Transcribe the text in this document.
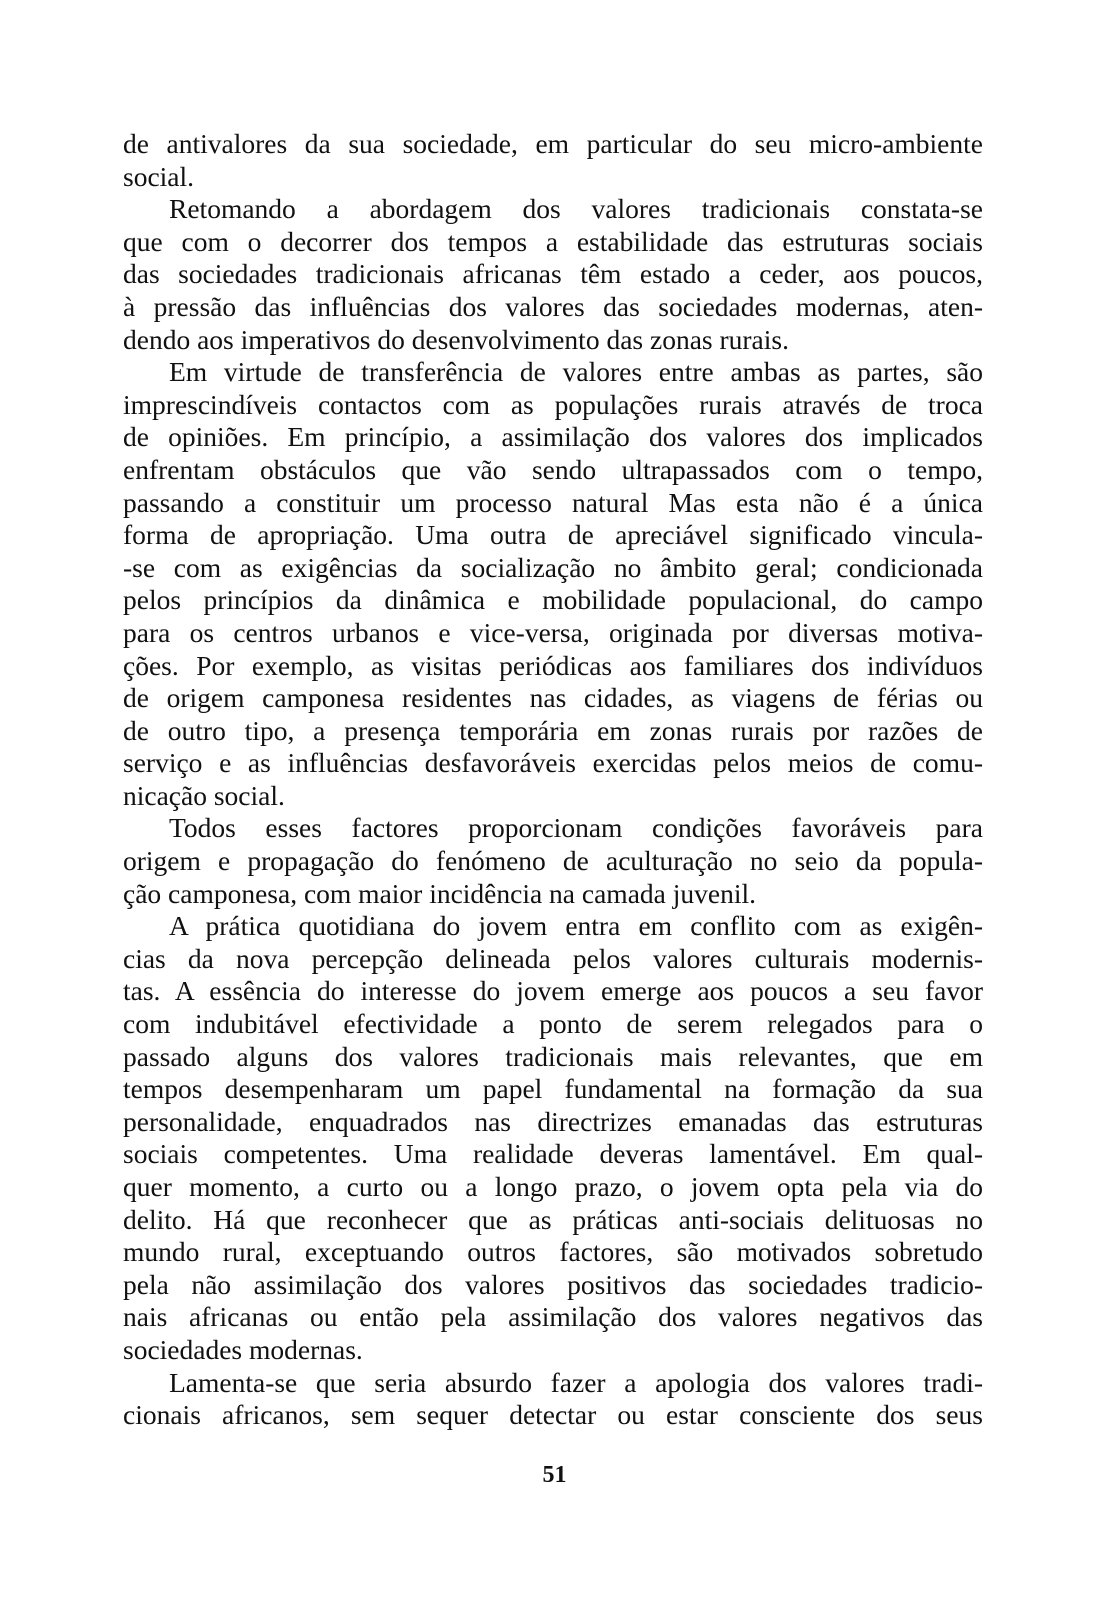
de antivalores da sua sociedade, em particular do seu micro-ambiente
social.
Retomando a abordagem dos valores tradicionais constata-se
que com o decorrer dos tempos a estabilidade das estruturas sociais
das sociedades tradicionais africanas têm estado a ceder, aos poucos,
à pressão das influências dos valores das sociedades modernas, aten-
dendo aos imperativos do desenvolvimento das zonas rurais.
Em virtude de transferência de valores entre ambas as partes, são
imprescindíveis contactos com as populações rurais através de troca
de opiniões. Em princípio, a assimilação dos valores dos implicados
enfrentam obstáculos que vão sendo ultrapassados com o tempo,
passando a constituir um processo natural Mas esta não é a única
forma de apropriação. Uma outra de apreciável significado vincula-
-se com as exigências da socialização no âmbito geral; condicionada
pelos princípios da dinâmica e mobilidade populacional, do campo
para os centros urbanos e vice-versa, originada por diversas motiva-
ções. Por exemplo, as visitas periódicas aos familiares dos indivíduos
de origem camponesa residentes nas cidades, as viagens de férias ou
de outro tipo, a presença temporária em zonas rurais por razões de
serviço e as influências desfavoráveis exercidas pelos meios de comu-
nicação social.
Todos esses factores proporcionam condições favoráveis para
origem e propagação do fenómeno de aculturação no seio da popula-
ção camponesa, com maior incidência na camada juvenil.
A prática quotidiana do jovem entra em conflito com as exigên-
cias da nova percepção delineada pelos valores culturais modernis-
tas. A essência do interesse do jovem emerge aos poucos a seu favor
com indubitável efectividade a ponto de serem relegados para o
passado alguns dos valores tradicionais mais relevantes, que em
tempos desempenharam um papel fundamental na formação da sua
personalidade, enquadrados nas directrizes emanadas das estruturas
sociais competentes. Uma realidade deveras lamentável. Em qual-
quer momento, a curto ou a longo prazo, o jovem opta pela via do
delito. Há que reconhecer que as práticas anti-sociais delituosas no
mundo rural, exceptuando outros factores, são motivados sobretudo
pela não assimilação dos valores positivos das sociedades tradicio-
nais africanas ou então pela assimilação dos valores negativos das
sociedades modernas.
Lamenta-se que seria absurdo fazer a apologia dos valores tradi-
cionais africanos, sem sequer detectar ou estar consciente dos seus
51
